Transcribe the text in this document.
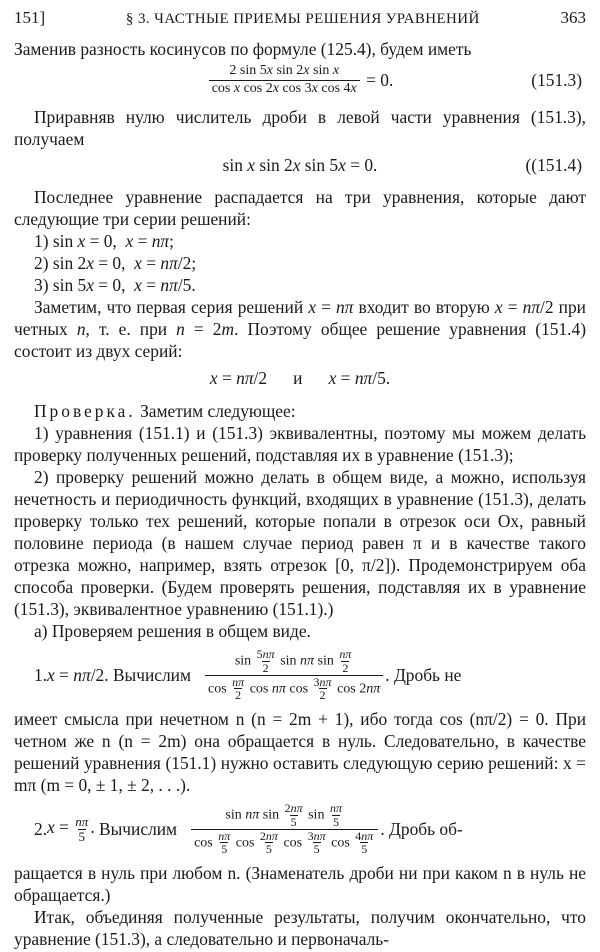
151]	§ 3. ЧАСТНЫЕ ПРИЕМЫ РЕШЕНИЯ УРАВНЕНИЙ	363

Заменив разность косинусов по формуле (125.4), будем иметь

$\frac{\text{2 sin 5x sin 2x sin x}}{\text{cos x cos 2x cos 3x cos 4x}} = 0$.	(151.3)

Приравняв нулю числитель дроби в левой части уравнения (151.3), получаем

sin x sin 2x sin 5x = 0.	((151.4)

Последнее уравнение распадается на три уравнения, которые дают следующие три серии решений:

1) sin x = 0,  x = nπ;

2) sin 2x = 0,  x = nπ/2;

3) sin 5x = 0,  x = nπ/5.

Заметим, что первая серия решений x = nπ входит во вторую x = nπ/2 при четных n, т. е. при n = 2m. Поэтому общее решение уравнения (151.4) состоит из двух серий:

x = nπ/2      и x = nπ/5.

Проверка. Заметим следующее:

1) уравнения (151.1) и (151.3) эквивалентны, поэтому мы можем делать проверку полученных решений, подставляя их в уравнение (151.3);

2) проверку решений можно делать в общем виде, а можно, используя нечетность и периодичность функций, входящих в уравнение (151.3), делать проверку только тех решений, которые попали в отрезок оси Ox, равный половине периода (в нашем случае период равен π и в качестве такого отрезка можно, например, взять отрезок [0, π/2]). Продемонстрируем оба способа проверки. (Будем проверять решения, подставляя их в уравнение (151.3), эквивалентное уравнению (151.1).)

а) Проверяем решения в общем виде.

1. x = nπ/2. Вычислим $\frac{\sin \frac{5n\pi}{2} \sin n\pi \sin \frac{n\pi}{2}}{\cos \frac{n\pi}{2} \cos n\pi \cos \frac{3n\pi}{2} \cos 2n\pi}$ . Дробь не

имеет смысла при нечетном n (n = 2m + 1), ибо тогда cos (nπ/2) = 0. При четном же n (n = 2m) она обращается в нуль. Следовательно, в качестве решений уравнения (151.1) нужно оставить следующую серию решений: x = mπ (m = 0, ± 1, ± 2, . . .).

2. $x = \frac{n\pi}{5}$ . Вычислим $\frac{\sin n\pi \sin \frac{2n\pi}{5} \sin \frac{n\pi}{5}}{\cos \frac{n\pi}{5} \cos \frac{2n\pi}{5} \cos \frac{3n\pi}{5} \cos \frac{4n\pi}{5}}$ . Дробь об-

ращается в нуль при любом n. (Знаменатель дроби ни при каком n в нуль не обращается.)

Итак, объединяя полученные результаты, получим окончательно, что уравнение (151.3), а следовательно и первоначаль-
